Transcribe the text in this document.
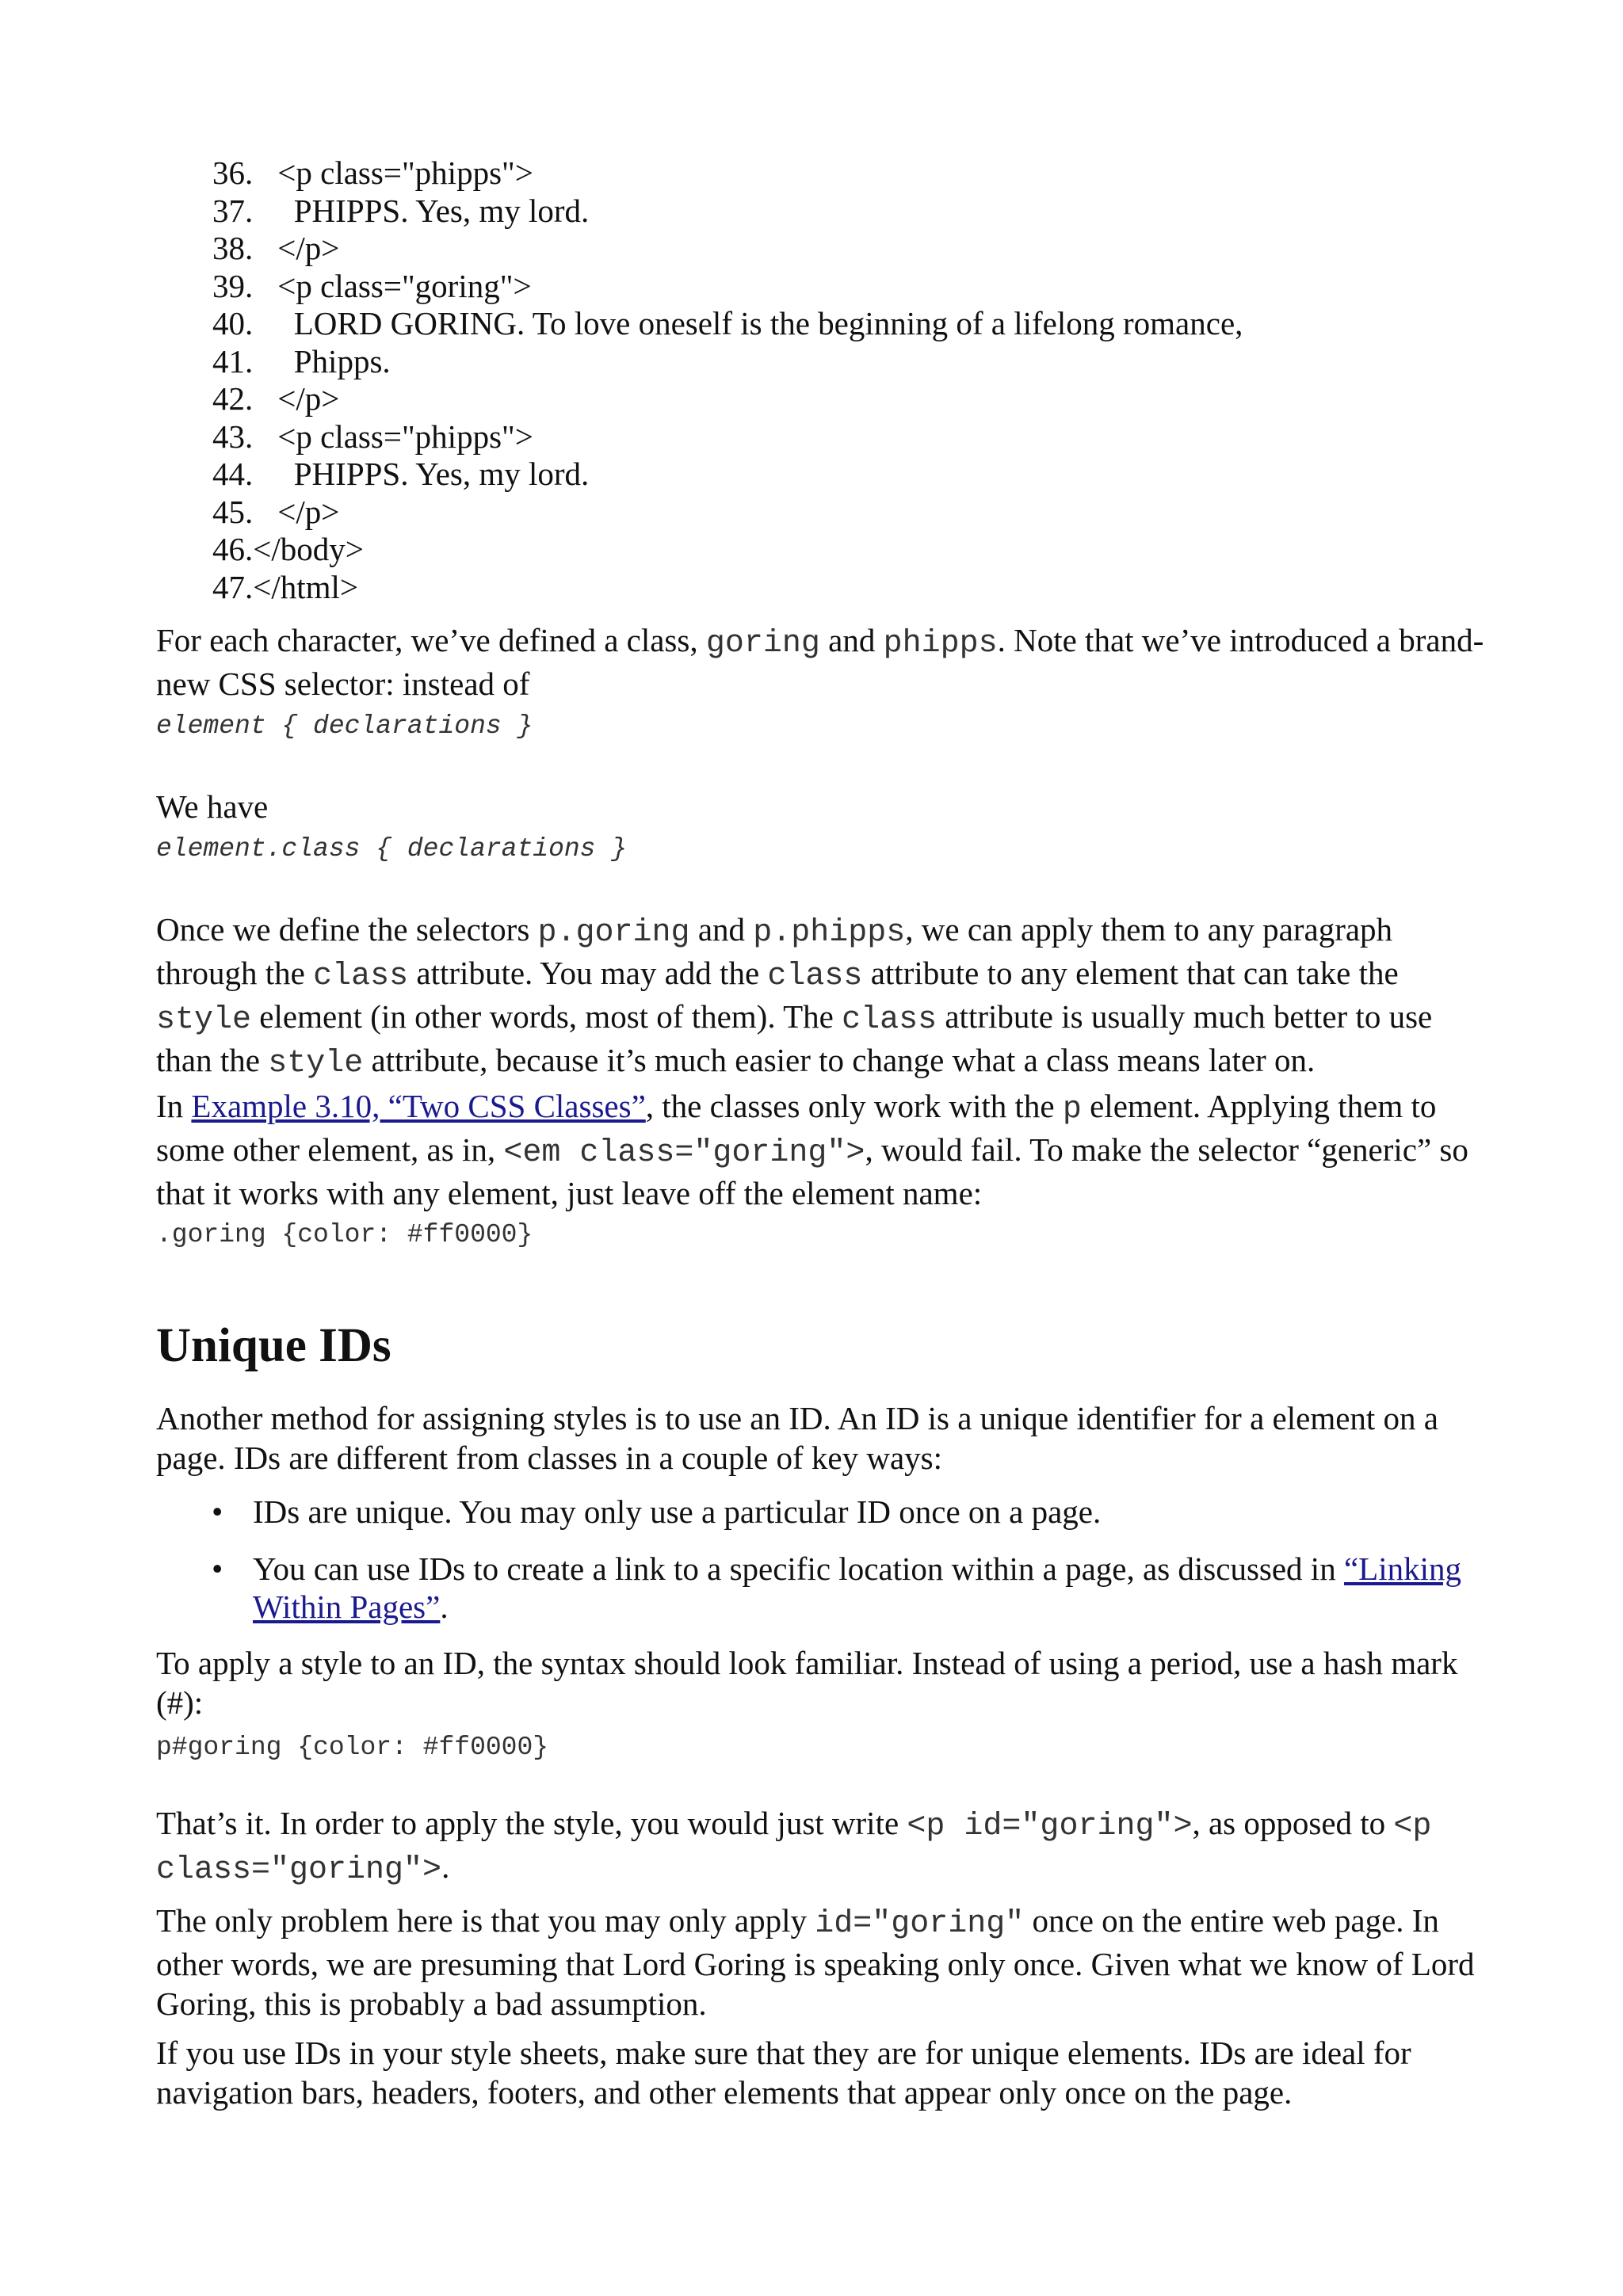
36. <p class="phipps">
37.   PHIPPS. Yes, my lord.
38. </p>
39. <p class="goring">
40.   LORD GORING. To love oneself is the beginning of a lifelong romance,
41.   Phipps.
42. </p>
43. <p class="phipps">
44.   PHIPPS. Yes, my lord.
45. </p>
46.</body>
47.</html>

For each character, we’ve defined a class, goring and phipps. Note that we’ve introduced a brand-new CSS selector: instead of

element { declarations }

We have

element.class { declarations }

Once we define the selectors p.goring and p.phipps, we can apply them to any paragraph through the class attribute. You may add the class attribute to any element that can take the style element (in other words, most of them). The class attribute is usually much better to use than the style attribute, because it’s much easier to change what a class means later on.

In Example 3.10, “Two CSS Classes”, the classes only work with the p element. Applying them to some other element, as in, <em class="goring">, would fail. To make the selector “generic” so that it works with any element, just leave off the element name:

.goring {color: #ff0000}

Unique IDs

Another method for assigning styles is to use an ID. An ID is a unique identifier for a element on a page. IDs are different from classes in a couple of key ways:

• IDs are unique. You may only use a particular ID once on a page.
• You can use IDs to create a link to a specific location within a page, as discussed in “Linking Within Pages”.

To apply a style to an ID, the syntax should look familiar. Instead of using a period, use a hash mark (#):

p#goring {color: #ff0000}

That’s it. In order to apply the style, you would just write <p id="goring">, as opposed to <p class="goring">.

The only problem here is that you may only apply id="goring" once on the entire web page. In other words, we are presuming that Lord Goring is speaking only once. Given what we know of Lord Goring, this is probably a bad assumption.

If you use IDs in your style sheets, make sure that they are for unique elements. IDs are ideal for navigation bars, headers, footers, and other elements that appear only once on the page.
